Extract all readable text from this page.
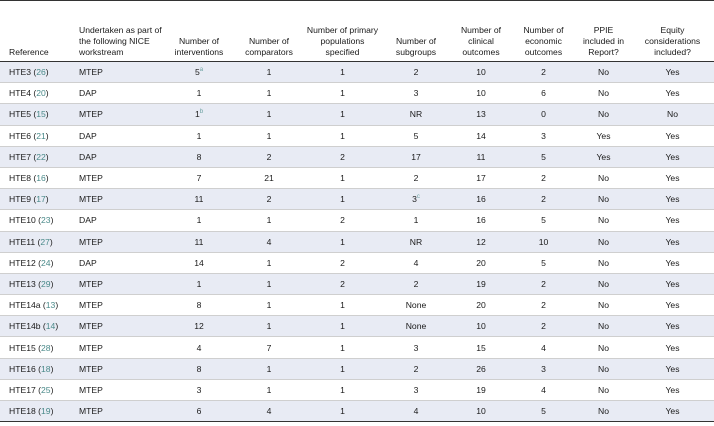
Reference	Undertaken as part of the following NICE workstream	Number of interventions	Number of comparators	Number of primary populations specified	Number of subgroups	Number of clinical outcomes	Number of economic outcomes	PPIE included in Report?	Equity considerations included?
HTE3 (26)	MTEP	5$^a$	1	1	2	10	2	No	Yes
HTE4 (20)	DAP	1	1	1	3	10	6	No	Yes
HTE5 (15)	MTEP	1$^b$	1	1	NR	13	0	No	No
HTE6 (21)	DAP	1	1	1	5	14	3	Yes	Yes
HTE7 (22)	DAP	8	2	2	17	11	5	Yes	Yes
HTE8 (16)	MTEP	7	21	1	2	17	2	No	Yes
HTE9 (17)	MTEP	11	2	1	3$^c$	16	2	No	Yes
HTE10 (23)	DAP	1	1	2	1	16	5	No	Yes
HTE11 (27)	MTEP	11	4	1	NR	12	10	No	Yes
HTE12 (24)	DAP	14	1	2	4	20	5	No	Yes
HTE13 (29)	MTEP	1	1	2	2	19	2	No	Yes
HTE14a (13)	MTEP	8	1	1	None	20	2	No	Yes
HTE14b (14)	MTEP	12	1	1	None	10	2	No	Yes
HTE15 (28)	MTEP	4	7	1	3	15	4	No	Yes
HTE16 (18)	MTEP	8	1	1	2	26	3	No	Yes
HTE17 (25)	MTEP	3	1	1	3	19	4	No	Yes
HTE18 (19)	MTEP	6	4	1	4	10	5	No	Yes
